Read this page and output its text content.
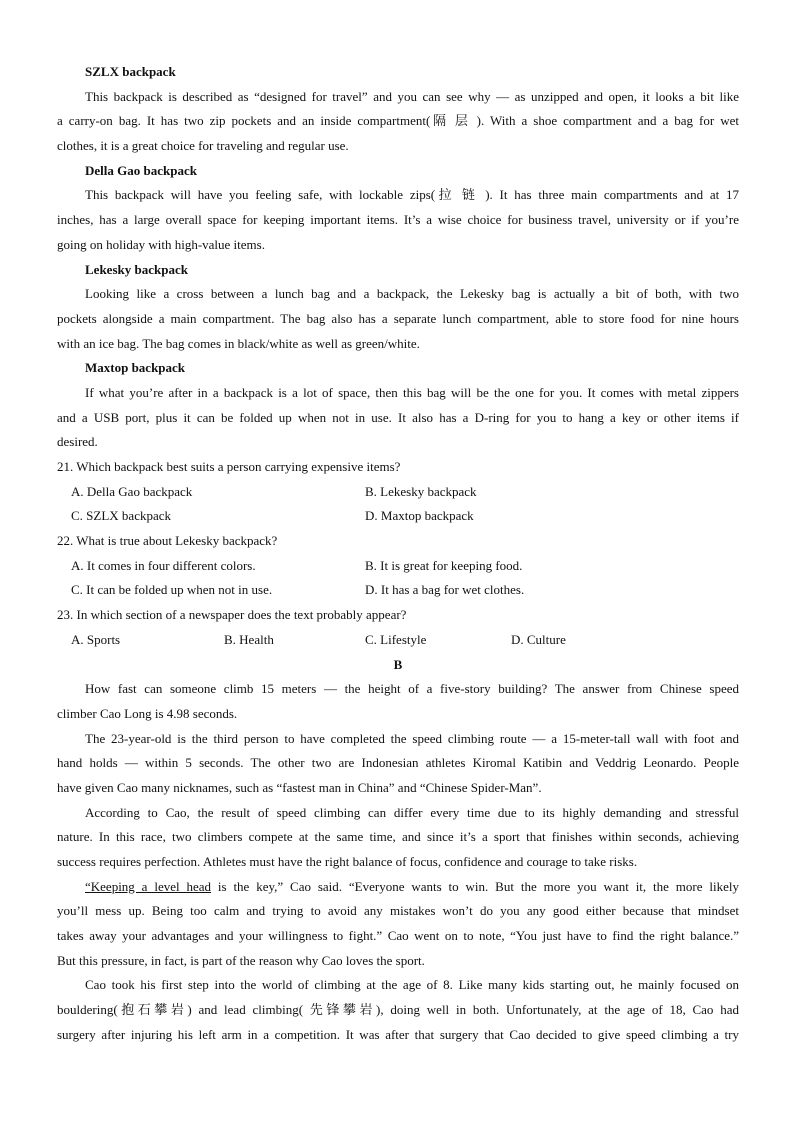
SZLX backpack
This backpack is described as “designed for travel” and you can see why — as unzipped and open, it looks a bit like
a carry-on bag. It has two zip pockets and an inside compartment(隔 层 ). With a shoe compartment and a bag for wet
clothes, it is a great choice for traveling and regular use.
Della Gao backpack
This backpack will have you feeling safe, with lockable zips(拉 链 ). It has three main compartments and at 17
inches, has a large overall space for keeping important items. It’s a wise choice for business travel, university or if you’re
going on holiday with high-value items.
Lekesky backpack
Looking like a cross between a lunch bag and a backpack, the Lekesky bag is actually a bit of both, with two
pockets alongside a main compartment. The bag also has a separate lunch compartment, able to store food for nine hours
with an ice bag. The bag comes in black/white as well as green/white.
Maxtop backpack
If what you’re after in a backpack is a lot of space, then this bag will be the one for you. It comes with metal zippers
and a USB port, plus it can be folded up when not in use. It also has a D-ring for you to hang a key or other items if
desired.
21. Which backpack best suits a person carrying expensive items?
A. Della Gao backpack	B. Lekesky backpack
C. SZLX backpack	D. Maxtop backpack
22. What is true about Lekesky backpack?
A. It comes in four different colors.	B. It is great for keeping food.
C. It can be folded up when not in use.	D. It has a bag for wet clothes.
23. In which section of a newspaper does the text probably appear?
A. Sports	B. Health	C. Lifestyle	D. Culture
B
How fast can someone climb 15 meters — the height of a five-story building? The answer from Chinese speed
climber Cao Long is 4.98 seconds.
The 23-year-old is the third person to have completed the speed climbing route — a 15-meter-tall wall with foot and
hand holds — within 5 seconds. The other two are Indonesian athletes Kiromal Katibin and Veddrig Leonardo. People
have given Cao many nicknames, such as “fastest man in China” and “Chinese Spider-Man”.
According to Cao, the result of speed climbing can differ every time due to its highly demanding and stressful
nature. In this race, two climbers compete at the same time, and since it’s a sport that finishes within seconds, achieving
success requires perfection. Athletes must have the right balance of focus, confidence and courage to take risks.
“Keeping a level head is the key,” Cao said. “Everyone wants to win. But the more you want it, the more likely
you’ll mess up. Being too calm and trying to avoid any mistakes won’t do you any good either because that mindset
takes away your advantages and your willingness to fight.” Cao went on to note, “You just have to find the right balance.”
But this pressure, in fact, is part of the reason why Cao loves the sport.
Cao took his first step into the world of climbing at the age of 8. Like many kids starting out, he mainly focused on
bouldering(抱石攀岩) and lead climbing( 先锋攀岩), doing well in both. Unfortunately, at the age of 18, Cao had
surgery after injuring his left arm in a competition. It was after that surgery that Cao decided to give speed climbing a try
